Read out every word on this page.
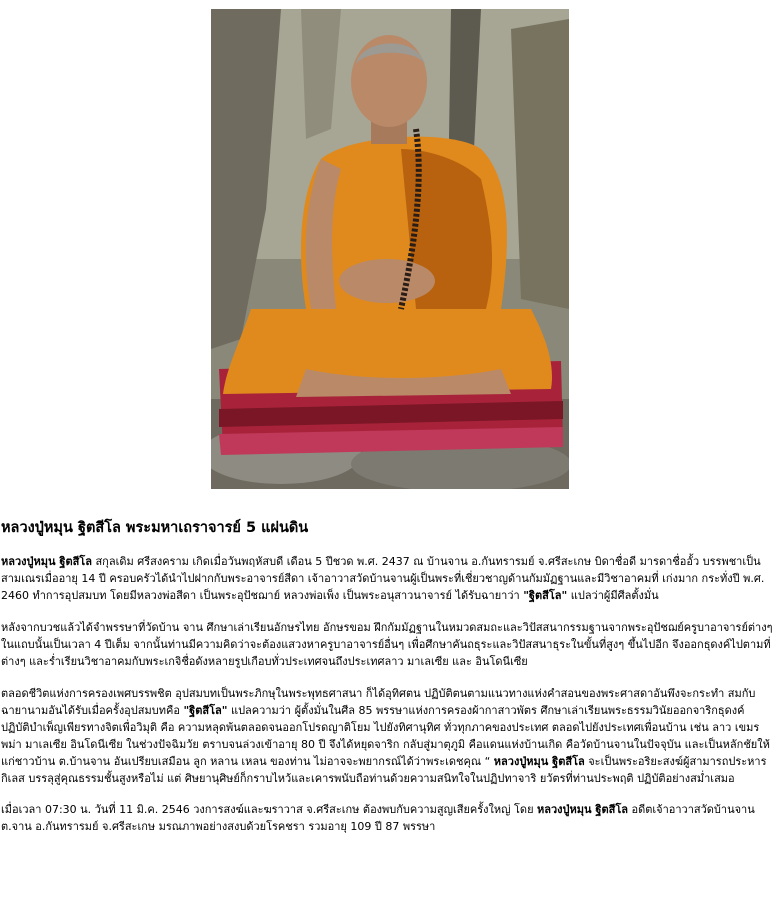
หลวงปู่หมุน ฐิตสีโล พระมหาเถราจารย์ 5 แผ่นดิน

หลวงปู่หมุน ฐิตสีโล สกุลเดิม ศรีสงคราม เกิดเมื่อวันพฤหัสบดี เดือน 5 ปีชวด พ.ศ. 2437 ณ บ้านจาน อ.กันทรารมย์ จ.ศรีสะเกษ บิดาชื่อดี มารดาชื่ออั้ว บรรพชาเป็นสามเณรเมื่ออายุ 14 ปี ครอบครัวได้นำไปฝากกับพระอาจารย์สีดา เจ้าอาวาสวัดบ้านจานผู้เป็นพระที่เชี่ยวชาญด้านกัมมัฏฐานและมีวิชาอาคมที่ เก่งมาก กระทั่งปี พ.ศ. 2460 ทำการอุปสมบท โดยมีหลวงพ่อสีดา เป็นพระอุปัชฌาย์ หลวงพ่อเพ็ง เป็นพระอนุสาวนาจารย์ ได้รับฉายาว่า "ฐิตสีโล" แปลว่าผู้มีศีลตั้งมั่น

หลังจากบวชแล้วได้จำพรรษาที่วัดบ้าน จาน ศึกษาเล่าเรียนอักษรไทย อักษรขอม ฝึกกัมมัฏฐานในหมวดสมถะและวิปัสสนากรรมฐานจากพระอุปัชฌย์ครูบาอาจารย์ต่างๆ ในแถบนั้นเป็นเวลา 4 ปีเต็ม จากนั้นท่านมีความคิดว่าจะต้องแสวงหาครูบาอาจารย์อื่นๆ เพื่อศึกษาคันถธุระและวิปัสสนาธุระในขั้นที่สูงๆ ขึ้นไปอีก จึงออกธุดงค์ไปตามที่ต่างๆ และร่ำเรียนวิชาอาคมกับพระเกจิชื่อดังหลายรูปเกือบทั่วประเทศจนถึงประเทศลาว มาเลเซีย และ อินโดนีเซีย

ตลอดชีวิตแห่งการครองเพศบรรพชิต อุปสมบทเป็นพระภิกษุในพระพุทธศาสนา ก็ได้อุทิศตน ปฏิบัติตนตามแนวทางแห่งคำสอนของพระศาสดาอันพึงจะกระทำ สมกับฉายานามอันได้รับเมื่อครั้งอุปสมบทคือ "ฐิตสีโล" แปลความว่า ผู้ตั้งมั่นในศีล 85 พรรษาแห่งการครองผ้ากาสาวพัตร ศึกษาเล่าเรียนพระธรรมวินัยออกจาริกธุดงค์ ปฏิบัติบำเพ็ญเพียรทางจิตเพื่อวิมุติ คือ ความหลุดพ้นตลอดจนออกโปรดญาติโยม ไปยังทิศานุทิศ ทั่วทุกภาคของประเทศ ตลอดไปยังประเทศเพื่อนบ้าน เช่น ลาว เขมร พม่า มาเลเซีย อินโดนีเซีย ในช่วงปัจฉิมวัย ตราบจนล่วงเข้าอายุ 80 ปี จึงได้หยุดจาริก กลับสู่มาตุภูมิ คือแดนแห่งบ้านเกิด คือวัดบ้านจานในปัจจุบัน และเป็นหลักชัยให้แก่ชาวบ้าน ต.บ้านจาน อันเปรียบเสมือน ลูก หลาน เหลน ของท่าน ไม่อาจจะพยากรณ์ได้ว่าพระเดชคุณ “ หลวงปู่หมุน ฐิตสีโล จะเป็นพระอริยะสงฆ์ผู้สามารถประหารกิเลส บรรลุสู่คุณธรรมชั้นสูงหรือไม่ แต่ ศิษยานุศิษย์ก็กราบไหว้และเคารพนับถือท่านด้วยความสนิทใจในปฏิปทาจาริ ยวัตรที่ท่านประพฤติ ปฏิบัติอย่างสม่ำเสมอ

เมื่อเวลา 07:30 น. วันที่ 11 มิ.ค. 2546 วงการสงฆ์และฆราวาส จ.ศรีสะเกษ ต้องพบกับความสูญเสียครั้งใหญ่ โดย หลวงปู่หมุน ฐิตสีโล อดีตเจ้าอาวาสวัดบ้านจาน ต.จาน อ.กันทรารมย์ จ.ศรีสะเกษ มรณภาพอย่างสงบด้วยโรคชรา รวมอายุ 109 ปี 87 พรรษา
